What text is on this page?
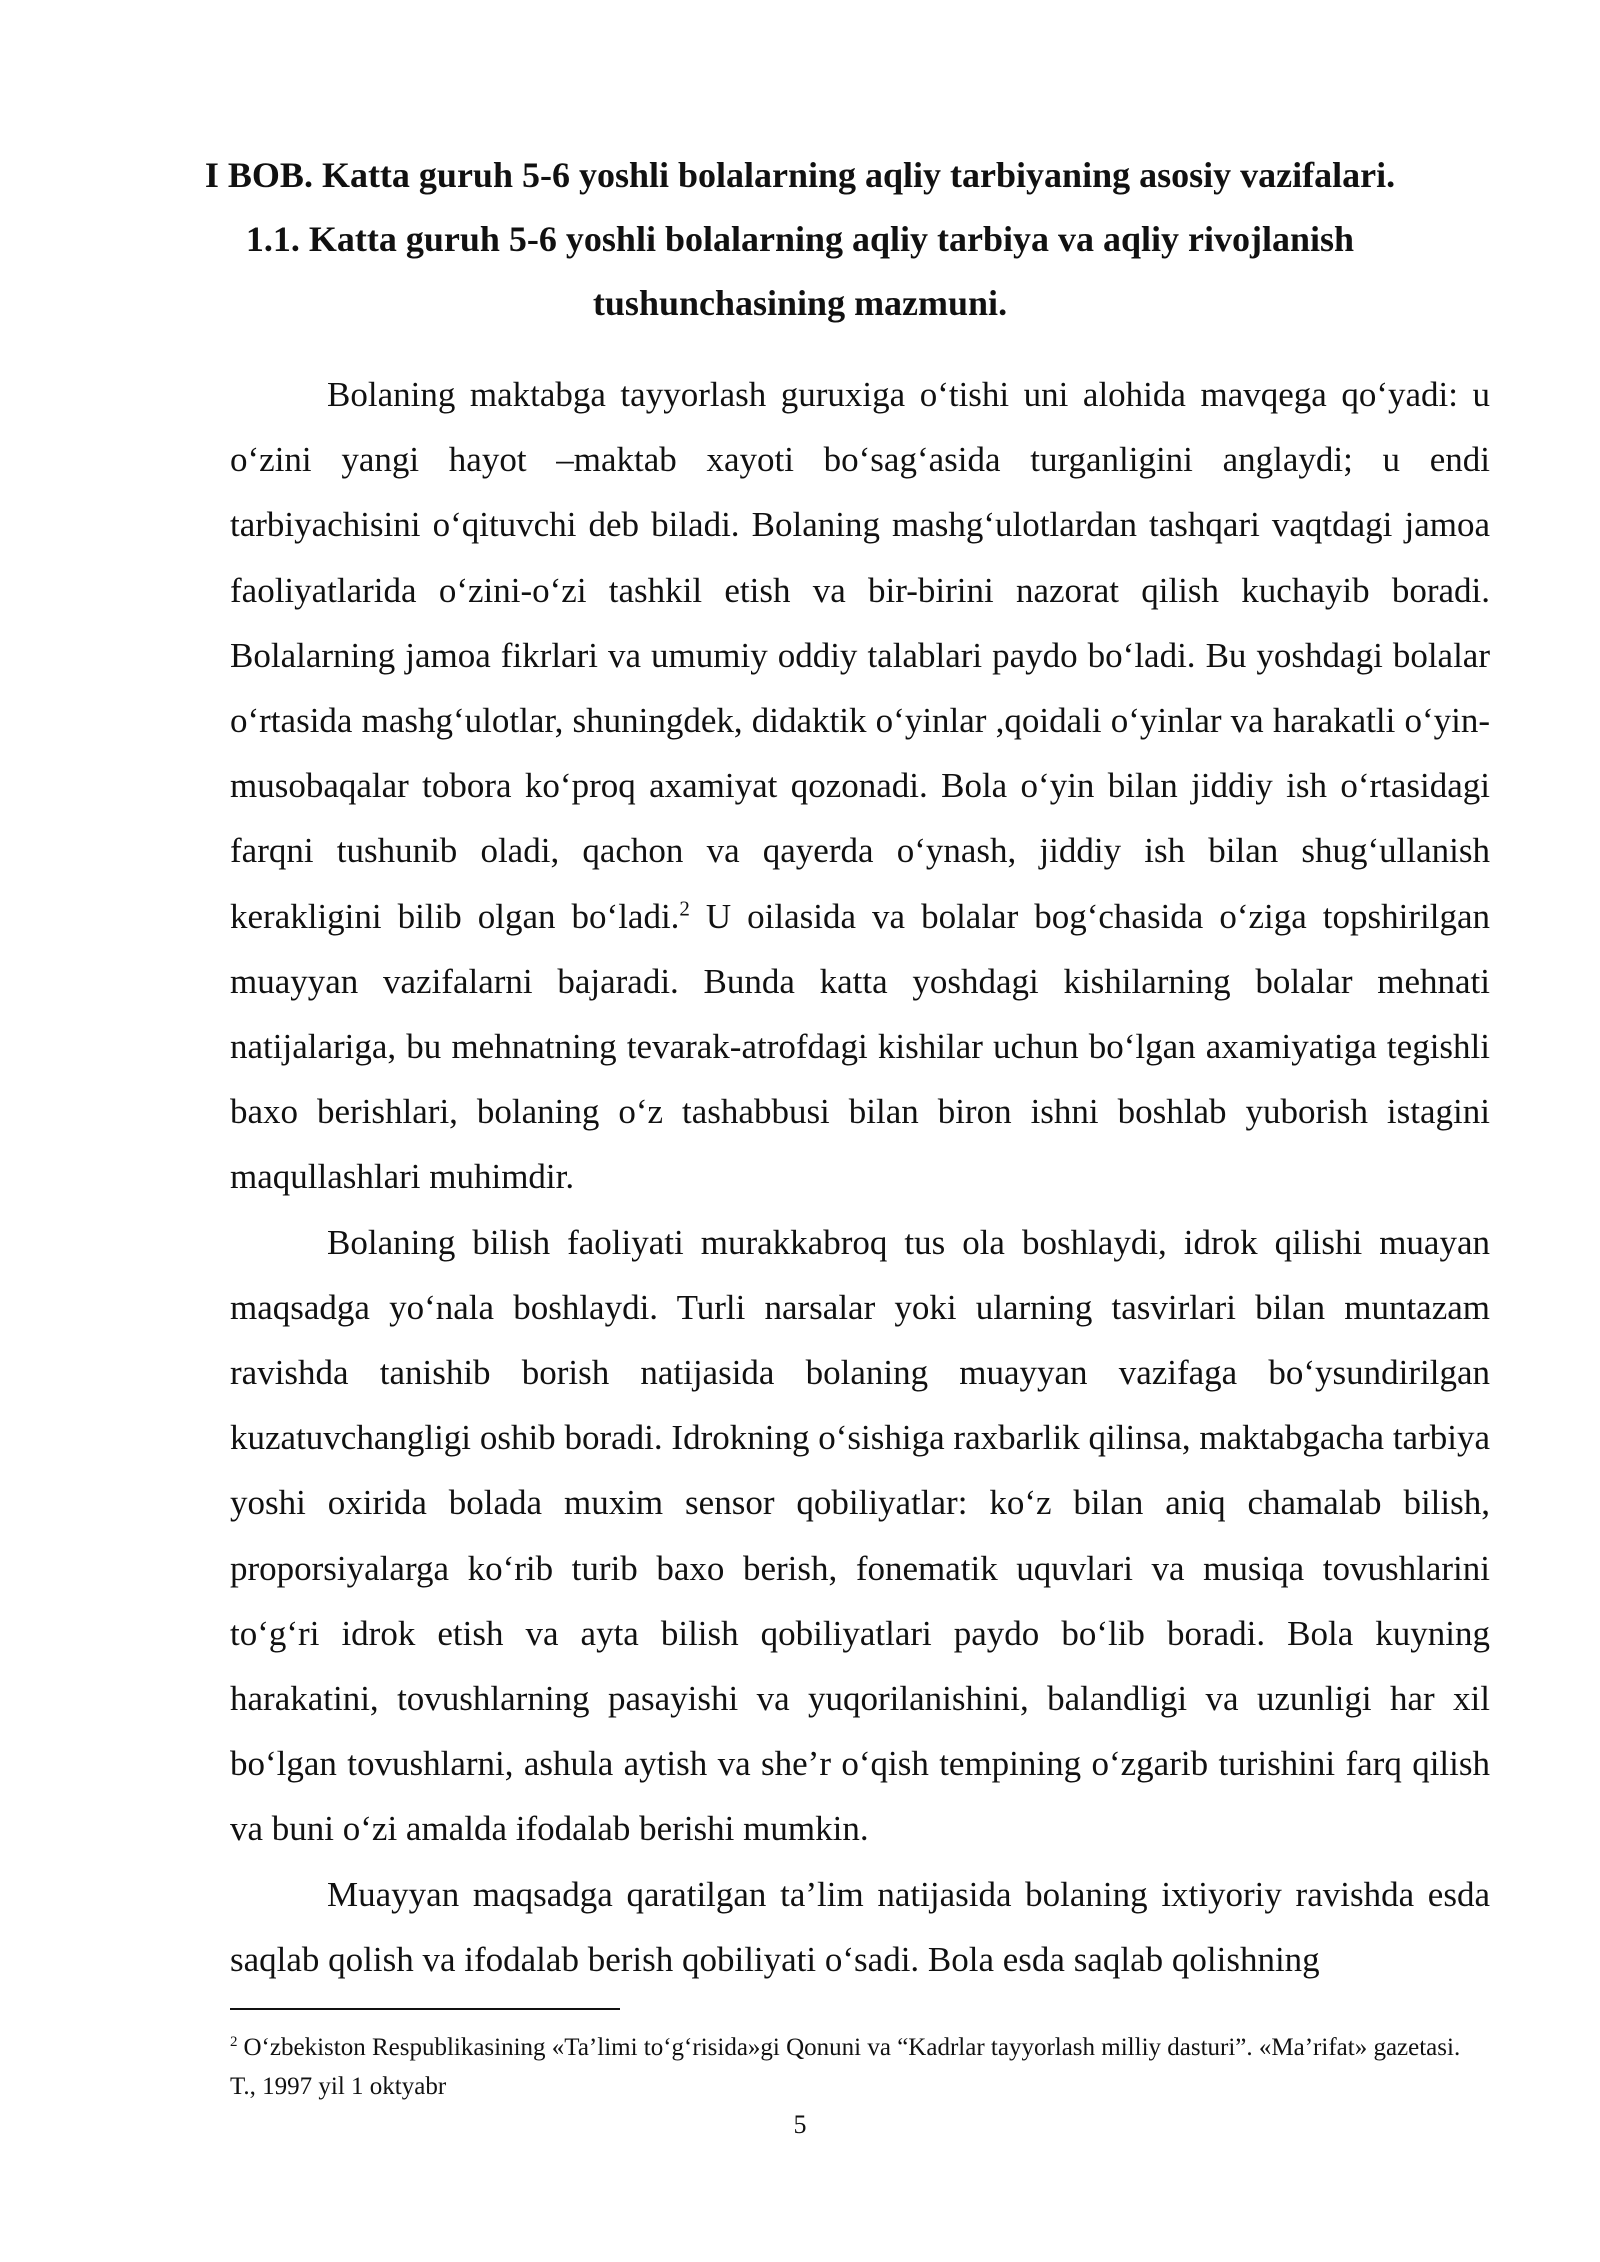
I BOB. Katta guruh 5-6 yoshli bolalarning aqliy tarbiyaning asosiy vazifalari.
1.1. Katta guruh 5-6 yoshli bolalarning aqliy tarbiya va aqliy rivojlanish tushunchasining mazmuni.

Bolaning maktabga tayyorlash guruxiga o‘tishi uni alohida mavqega qo‘yadi: u o‘zini yangi hayot –maktab xayoti bo‘sag‘asida turganligini anglaydi; u endi tarbiyachisini o‘qituvchi deb biladi. Bolaning mashg‘ulotlardan tashqari vaqtdagi jamoa faoliyatlarida o‘zini-o‘zi tashkil etish va bir-birini nazorat qilish kuchayib boradi. Bolalarning jamoa fikrlari va umumiy oddiy talablari paydo bo‘ladi. Bu yoshdagi bolalar o‘rtasida mashg‘ulotlar, shuningdek, didaktik o‘yinlar ,qoidali o‘yinlar va harakatli o‘yin- musobaqalar tobora ko‘proq axamiyat qozonadi. Bola o‘yin bilan jiddiy ish o‘rtasidagi farqni tushunib oladi, qachon va qayerda o‘ynash, jiddiy ish bilan shug‘ullanish kerakligini bilib olgan bo‘ladi.$^2$ U oilasida va bolalar bog‘chasida o‘ziga topshirilgan muayyan vazifalarni bajaradi. Bunda katta yoshdagi kishilarning bolalar mehnati natijalariga, bu mehnatning tevarak-atrofdagi kishilar uchun bo‘lgan axamiyatiga tegishli baxo berishlari, bolaning o‘z tashabbusi bilan biron ishni boshlab yuborish istagini maqullashlari muhimdir.

Bolaning bilish faoliyati murakkabroq tus ola boshlaydi, idrok qilishi muayan maqsadga yo‘nala boshlaydi. Turli narsalar yoki ularning tasvirlari bilan muntazam ravishda tanishib borish natijasida bolaning muayyan vazifaga bo‘ysundirilgan kuzatuvchangligi oshib boradi. Idrokning o‘sishiga raxbarlik qilinsa, maktabgacha tarbiya yoshi oxirida bolada muxim sensor qobiliyatlar: ko‘z bilan aniq chamalab bilish, proporsiyalarga ko‘rib turib baxo berish, fonematik uquvlari va musiqa tovushlarini to‘g‘ri idrok etish va ayta bilish qobiliyatlari paydo bo‘lib boradi. Bola kuyning harakatini, tovushlarning pasayishi va yuqorilanishini, balandligi va uzunligi har xil bo‘lgan tovushlarni, ashula aytish va she’r o‘qish tempining o‘zgarib turishini farq qilish va buni o‘zi amalda ifodalab berishi mumkin.

Muayyan maqsadga qaratilgan ta’lim natijasida bolaning ixtiyoriy ravishda esda saqlab qolish va ifodalab berish qobiliyati o‘sadi. Bola esda saqlab qolishning

$^2$ O‘zbekiston Respublikasining «Ta’limi to‘g‘risida»gi Qonuni va “Kadrlar tayyorlash milliy dasturi”. «Ma’rifat» gazetasi. T., 1997 yil 1 oktyabr

5
